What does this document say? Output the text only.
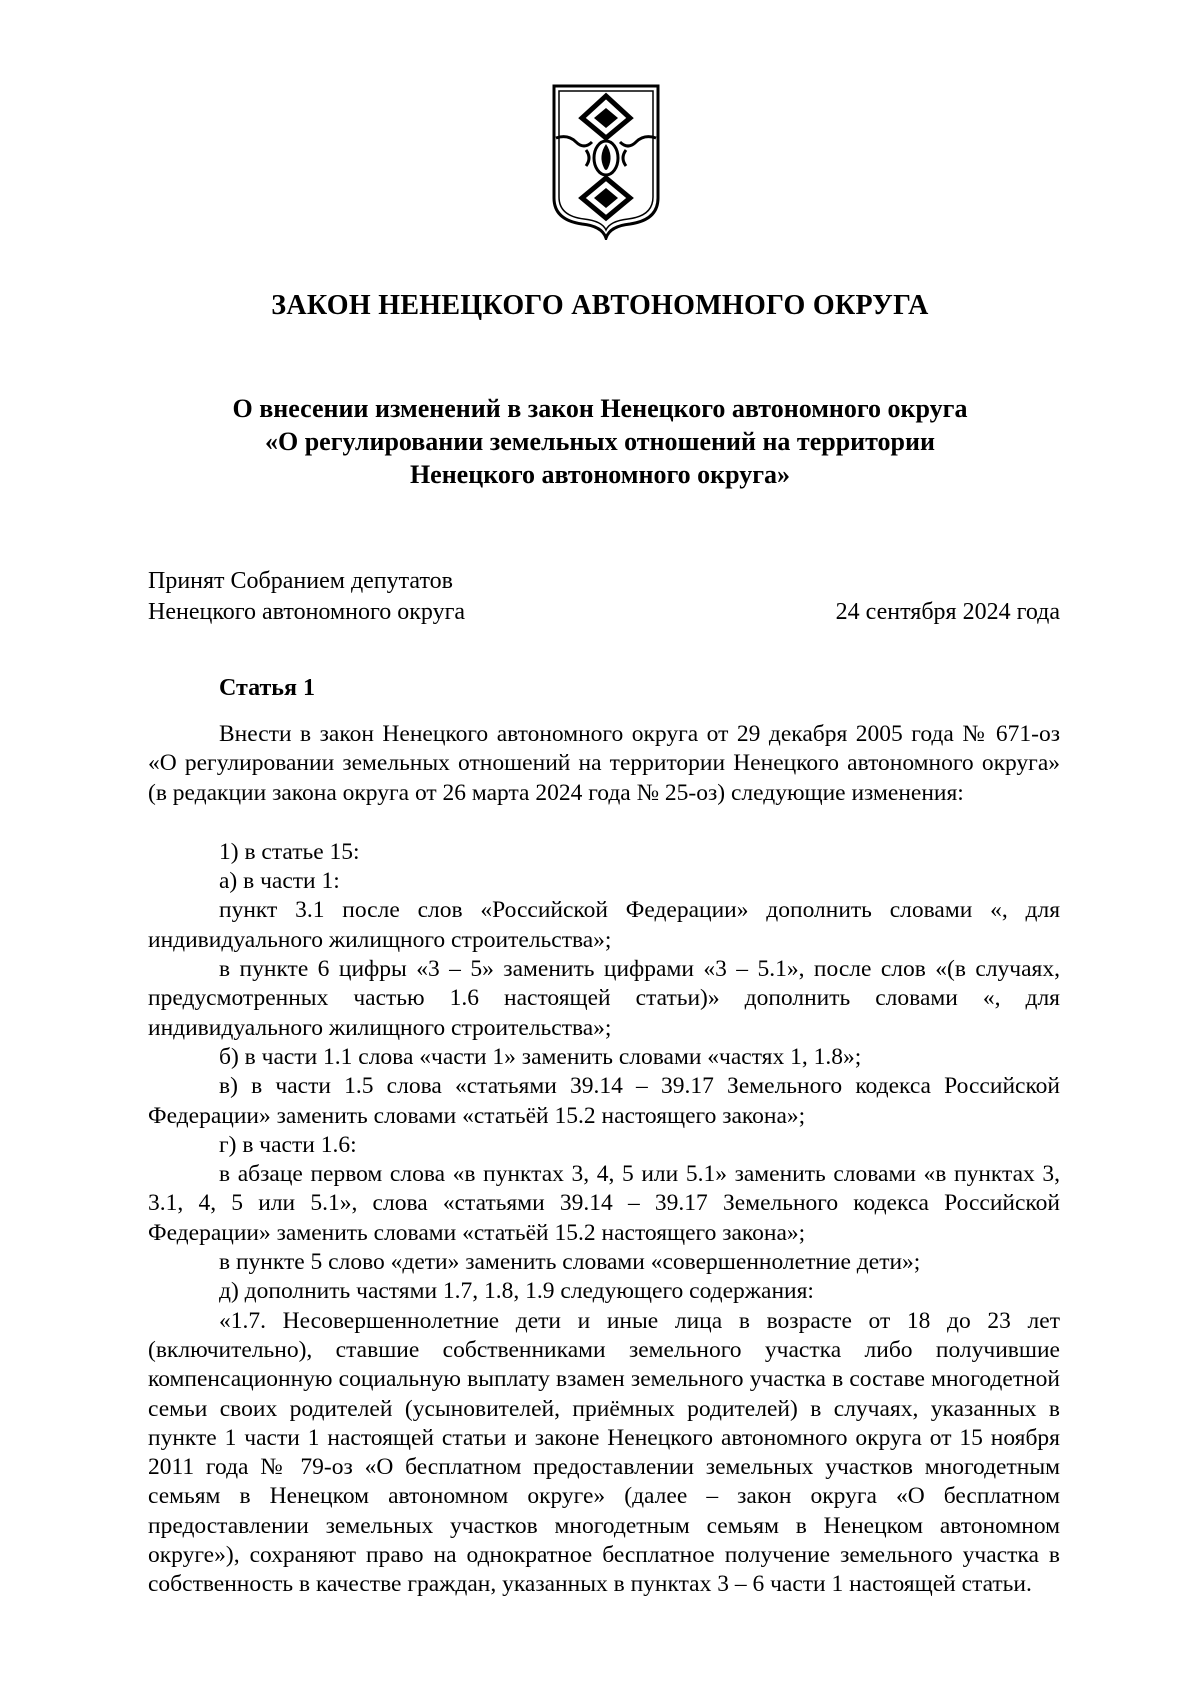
ЗАКОН НЕНЕЦКОГО АВТОНОМНОГО ОКРУГА
О внесении изменений в закон Ненецкого автономного округа
«О регулировании земельных отношений на территории
Ненецкого автономного округа»
Принят Собранием депутатов
Ненецкого автономного округа	24 сентября 2024 года
Статья 1

Внести в закон Ненецкого автономного округа от 29 декабря 2005 года № 671-оз «О регулировании земельных отношений на территории Ненецкого автономного округа» (в редакции закона округа от 26 марта 2024 года № 25-оз) следующие изменения:

1) в статье 15:

а) в части 1:

пункт 3.1 после слов «Российской Федерации» дополнить словами «, для индивидуального жилищного строительства»;

в пункте 6 цифры «3 – 5» заменить цифрами «3 – 5.1», после слов «(в случаях, предусмотренных частью 1.6 настоящей статьи)» дополнить словами «, для индивидуального жилищного строительства»;

б) в части 1.1 слова «части 1» заменить словами «частях 1, 1.8»;

в) в части 1.5 слова «статьями 39.14 – 39.17 Земельного кодекса Российской Федерации» заменить словами «статьёй 15.2 настоящего закона»;

г) в части 1.6:

в абзаце первом слова «в пунктах 3, 4, 5 или 5.1» заменить словами «в пунктах 3, 3.1, 4, 5 или 5.1», слова «статьями 39.14 – 39.17 Земельного кодекса Российской Федерации» заменить словами «статьёй 15.2 настоящего закона»;

в пункте 5 слово «дети» заменить словами «совершеннолетние дети»;

д) дополнить частями 1.7, 1.8, 1.9 следующего содержания:

«1.7. Несовершеннолетние дети и иные лица в возрасте от 18 до 23 лет (включительно), ставшие собственниками земельного участка либо получившие компенсационную социальную выплату взамен земельного участка в составе многодетной семьи своих родителей (усыновителей, приёмных родителей) в случаях, указанных в пункте 1 части 1 настоящей статьи и законе Ненецкого автономного округа от 15 ноября 2011 года № 79-оз «О бесплатном предоставлении земельных участков многодетным семьям в Ненецком автономном округе» (далее – закон округа «О бесплатном предоставлении земельных участков многодетным семьям в Ненецком автономном округе»), сохраняют право на однократное бесплатное получение земельного участка в собственность в качестве граждан, указанных в пунктах 3 – 6 части 1 настоящей статьи.
